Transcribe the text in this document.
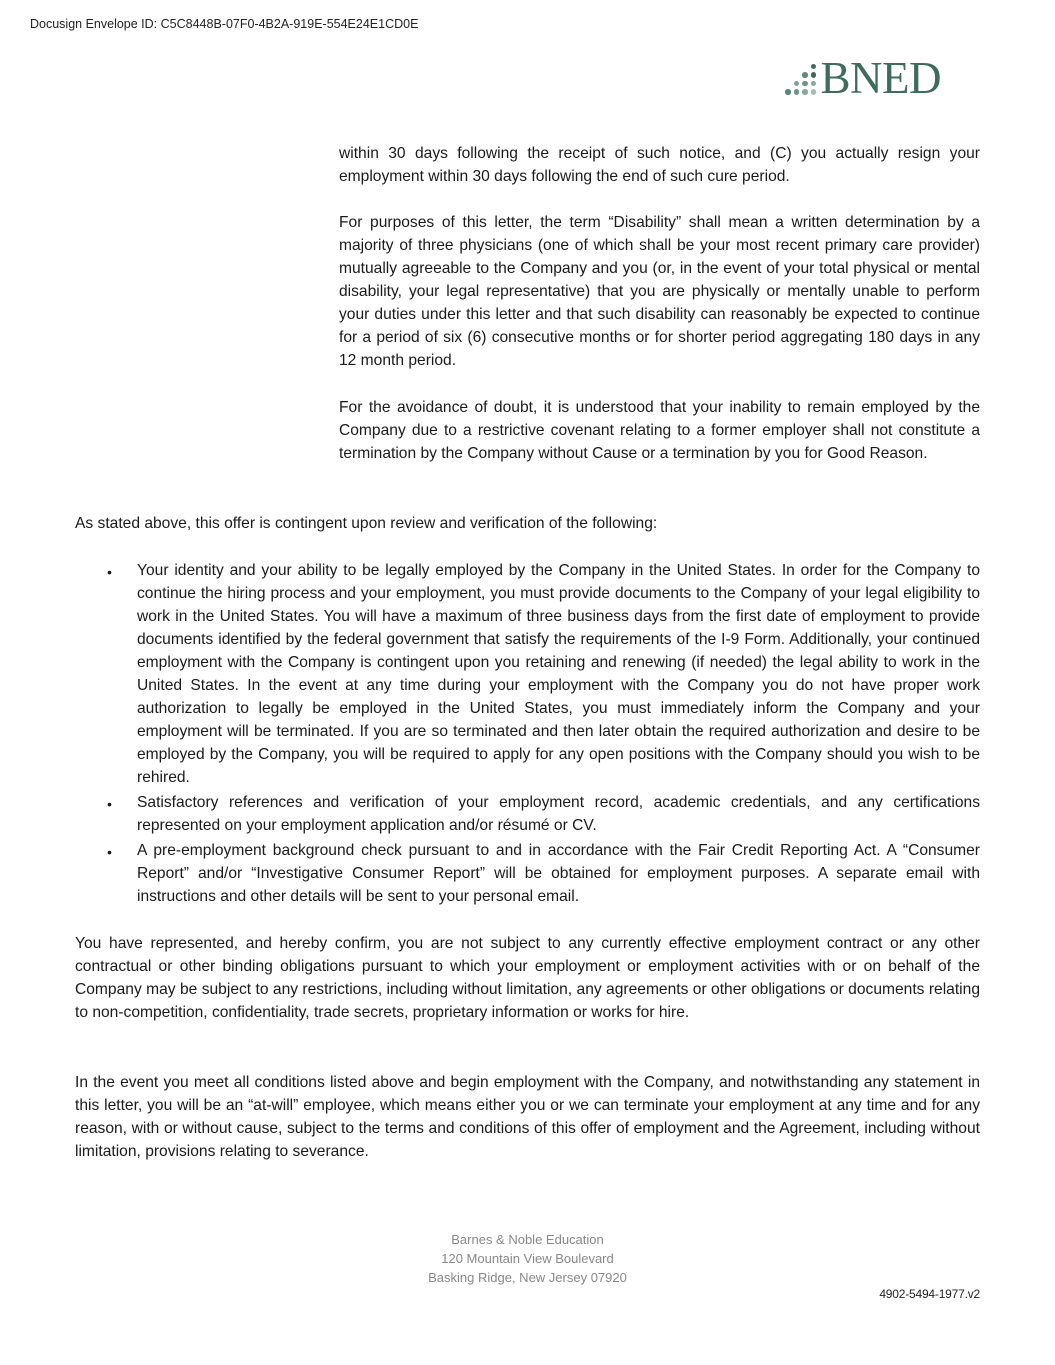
Docusign Envelope ID: C5C8448B-07F0-4B2A-919E-554E24E1CD0E
BNED

within 30 days following the receipt of such notice, and (C) you actually resign your employment within 30 days following the end of such cure period.

For purposes of this letter, the term “Disability” shall mean a written determination by a majority of three physicians (one of which shall be your most recent primary care provider) mutually agreeable to the Company and you (or, in the event of your total physical or mental disability, your legal representative) that you are physically or mentally unable to perform your duties under this letter and that such disability can reasonably be expected to continue for a period of six (6) consecutive months or for shorter period aggregating 180 days in any 12 month period.

For the avoidance of doubt, it is understood that your inability to remain employed by the Company due to a restrictive covenant relating to a former employer shall not constitute a termination by the Company without Cause or a termination by you for Good Reason.

As stated above, this offer is contingent upon review and verification of the following:

• Your identity and your ability to be legally employed by the Company in the United States. In order for the Company to continue the hiring process and your employment, you must provide documents to the Company of your legal eligibility to work in the United States. You will have a maximum of three business days from the first date of employment to provide documents identified by the federal government that satisfy the requirements of the I-9 Form. Additionally, your continued employment with the Company is contingent upon you retaining and renewing (if needed) the legal ability to work in the United States. In the event at any time during your employment with the Company you do not have proper work authorization to legally be employed in the United States, you must immediately inform the Company and your employment will be terminated. If you are so terminated and then later obtain the required authorization and desire to be employed by the Company, you will be required to apply for any open positions with the Company should you wish to be rehired.

• Satisfactory references and verification of your employment record, academic credentials, and any certifications represented on your employment application and/or résumé or CV.

• A pre-employment background check pursuant to and in accordance with the Fair Credit Reporting Act. A “Consumer Report” and/or “Investigative Consumer Report” will be obtained for employment purposes. A separate email with instructions and other details will be sent to your personal email.

You have represented, and hereby confirm, you are not subject to any currently effective employment contract or any other contractual or other binding obligations pursuant to which your employment or employment activities with or on behalf of the Company may be subject to any restrictions, including without limitation, any agreements or other obligations or documents relating to non-competition, confidentiality, trade secrets, proprietary information or works for hire.

In the event you meet all conditions listed above and begin employment with the Company, and notwithstanding any statement in this letter, you will be an “at-will” employee, which means either you or we can terminate your employment at any time and for any reason, with or without cause, subject to the terms and conditions of this offer of employment and the Agreement, including without limitation, provisions relating to severance.

Barnes & Noble Education
120 Mountain View Boulevard
Basking Ridge, New Jersey 07920
4902-5494-1977.v2
